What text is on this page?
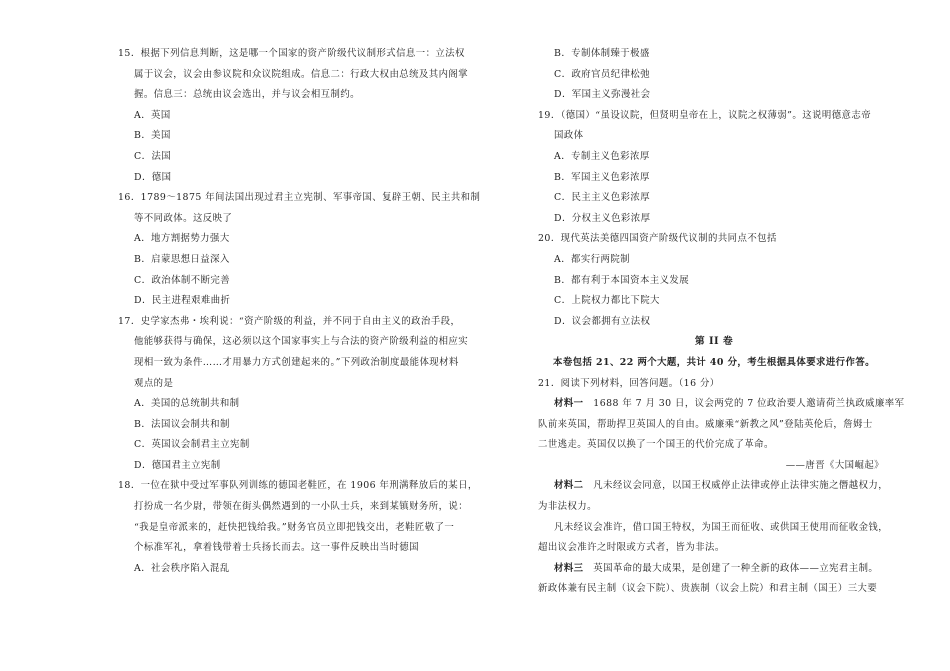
15．根据下列信息判断，这是哪一个国家的资产阶级代议制形式信息一：立法权
属于议会，议会由参议院和众议院组成。信息二：行政大权由总统及其内阁掌
握。信息三：总统由议会选出，并与议会相互制约。
A．英国
B．美国
C．法国
D．德国
16．1789～1875 年间法国出现过君主立宪制、军事帝国、复辟王朝、民主共和制
等不同政体。这反映了
A．地方割据势力强大
B．启蒙思想日益深入
C．政治体制不断完善
D．民主进程艰难曲折
17．史学家杰弗・埃利说：“资产阶级的利益，并不同于自由主义的政治手段，
他能够获得与确保，这必须以这个国家事实上与合法的资产阶级利益的相应实
现相一致为条件……才用暴力方式创建起来的。”下列政治制度最能体现材料
观点的是
A．美国的总统制共和制
B．法国议会制共和制
C．英国议会制君主立宪制
D．德国君主立宪制
18．一位在狱中受过军事队列训练的德国老鞋匠，在 1906 年刑满释放后的某日，
打扮成一名少尉，带领在街头偶然遇到的一小队士兵，来到某镇财务所，说：
“我是皇帝派来的，赶快把钱给我。”财务官员立即把钱交出，老鞋匠敬了一
个标准军礼，拿着钱带着士兵扬长而去。这一事件反映出当时德国
A．社会秩序陷入混乱
B．专制体制臻于极盛
C．政府官员纪律松弛
D．军国主义弥漫社会
19．（德国）“虽设议院，但贤明皇帝在上，议院之权薄弱”。这说明德意志帝
国政体
A．专制主义色彩浓厚
B．军国主义色彩浓厚
C．民主主义色彩浓厚
D．分权主义色彩浓厚
20．现代英法美德四国资产阶级代议制的共同点不包括
A．都实行两院制
B．都有利于本国资本主义发展
C．上院权力都比下院大
D．议会都拥有立法权
第 II 卷
本卷包括 21、22 两个大题，共计 40 分，考生根据具体要求进行作答。
21．阅读下列材料，回答问题。（16 分）
材料一　1688 年 7 月 30 日，议会两党的 7 位政治要人邀请荷兰执政威廉率军
队前来英国，帮助捍卫英国人的自由。威廉乘“新教之风”登陆英伦后，詹姆士
二世逃走。英国仅以换了一个国王的代价完成了革命。
——唐晋《大国崛起》
材料二　凡未经议会同意，以国王权威停止法律或停止法律实施之僭越权力，
为非法权力。
凡未经议会准许，借口国王特权，为国王而征收、或供国王使用而征收金钱，
超出议会准许之时限或方式者，皆为非法。
材料三　英国革命的最大成果，是创建了一种全新的政体——立宪君主制。
新政体兼有民主制（议会下院）、贵族制（议会上院）和君主制（国王）三大要
